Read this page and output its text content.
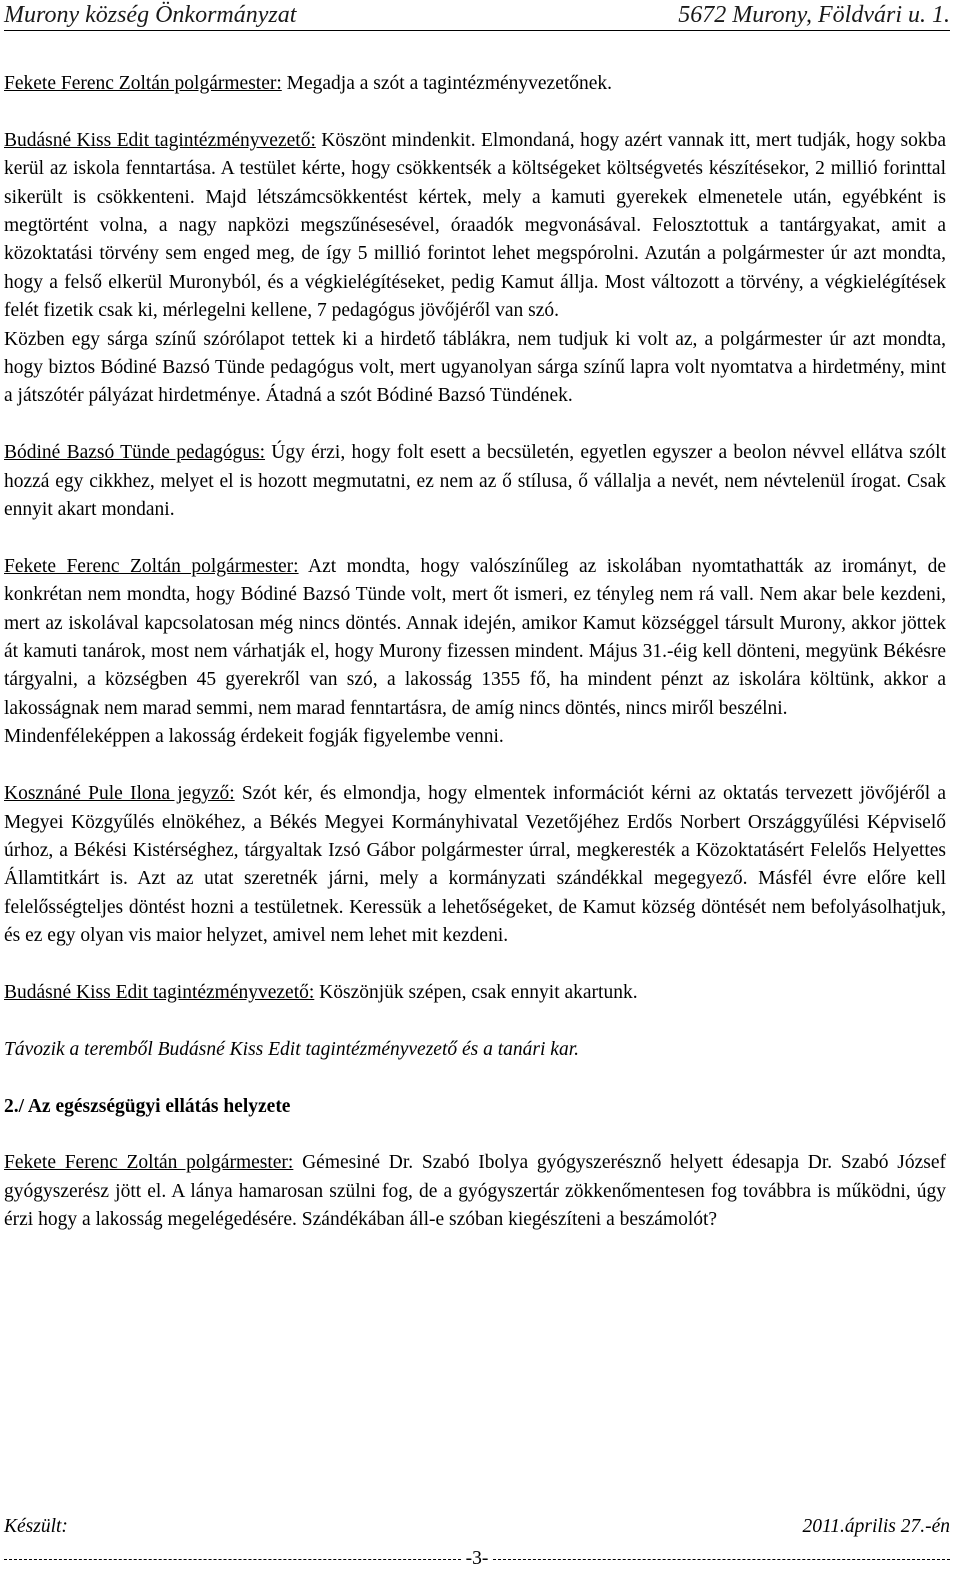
Murony község Önkormányzat	5672 Murony, Földvári u. 1.

Fekete Ferenc Zoltán polgármester: Megadja a szót a tagintézményvezetőnek.

Budásné Kiss Edit tagintézményvezető: Köszönt mindenkit. Elmondaná, hogy azért vannak itt, mert tudják, hogy sokba kerül az iskola fenntartása. A testület kérte, hogy csökkentsék a költségeket költségvetés készítésekor, 2 millió forinttal sikerült is csökkenteni. Majd létszámcsökkentést kértek, mely a kamuti gyerekek elmenetele után, egyébként is megtörtént volna, a nagy napközi megszűnésesével, óraadók megvonásával. Felosztottuk a tantárgyakat, amit a közoktatási törvény sem enged meg, de így 5 millió forintot lehet megspórolni. Azután a polgármester úr azt mondta, hogy a felső elkerül Muronyból, és a végkielégítéseket, pedig Kamut állja. Most változott a törvény, a végkielégítések felét fizetik csak ki, mérlegelni kellene, 7 pedagógus jövőjéről van szó.

Közben egy sárga színű szórólapot tettek ki a hirdető táblákra, nem tudjuk ki volt az, a polgármester úr azt mondta, hogy biztos Bódiné Bazsó Tünde pedagógus volt, mert ugyanolyan sárga színű lapra volt nyomtatva a hirdetmény, mint a játszótér pályázat hirdetménye. Átadná a szót Bódiné Bazsó Tündének.

Bódiné Bazsó Tünde pedagógus: Úgy érzi, hogy folt esett a becsületén, egyetlen egyszer a beolon névvel ellátva szólt hozzá egy cikkhez, melyet el is hozott megmutatni, ez nem az ő stílusa, ő vállalja a nevét, nem névtelenül írogat. Csak ennyit akart mondani.

Fekete Ferenc Zoltán polgármester: Azt mondta, hogy valószínűleg az iskolában nyomtathatták az irományt, de konkrétan nem mondta, hogy Bódiné Bazsó Tünde volt, mert őt ismeri, ez tényleg nem rá vall. Nem akar bele kezdeni, mert az iskolával kapcsolatosan még nincs döntés. Annak idején, amikor Kamut községgel társult Murony, akkor jöttek át kamuti tanárok, most nem várhatják el, hogy Murony fizessen mindent. Május 31.-éig kell dönteni, megyünk Békésre tárgyalni, a községben 45 gyerekről van szó, a lakosság 1355 fő, ha mindent pénzt az iskolára költünk, akkor a lakosságnak nem marad semmi, nem marad fenntartásra, de amíg nincs döntés, nincs miről beszélni.

Mindenféleképpen a lakosság érdekeit fogják figyelembe venni.

Kosznáné Pule Ilona jegyző: Szót kér, és elmondja, hogy elmentek információt kérni az oktatás tervezett jövőjéről a Megyei Közgyűlés elnökéhez, a Békés Megyei Kormányhivatal Vezetőjéhez Erdős Norbert Országgyűlési Képviselő úrhoz, a Békési Kistérséghez, tárgyaltak Izsó Gábor polgármester úrral, megkeresték a Közoktatásért Felelős Helyettes Államtitkárt is. Azt az utat szeretnék járni, mely a kormányzati szándékkal megegyező. Másfél évre előre kell felelősségteljes döntést hozni a testületnek. Keressük a lehetőségeket, de Kamut község döntését nem befolyásolhatjuk, és ez egy olyan vis maior helyzet, amivel nem lehet mit kezdeni.

Budásné Kiss Edit tagintézményvezető: Köszönjük szépen, csak ennyit akartunk.

Távozik a teremből Budásné Kiss Edit tagintézményvezető és a tanári kar.

2./ Az egészségügyi ellátás helyzete

Fekete Ferenc Zoltán polgármester: Gémesiné Dr. Szabó Ibolya gyógyszerésznő helyett édesapja Dr. Szabó József gyógyszerész jött el. A lánya hamarosan szülni fog, de a gyógyszertár zökkenőmentesen fog továbbra is működni, úgy érzi hogy a lakosság megelégedésére. Szándékában áll-e szóban kiegészíteni a beszámolót?

Készült:	2011.április 27.-én
-3-
